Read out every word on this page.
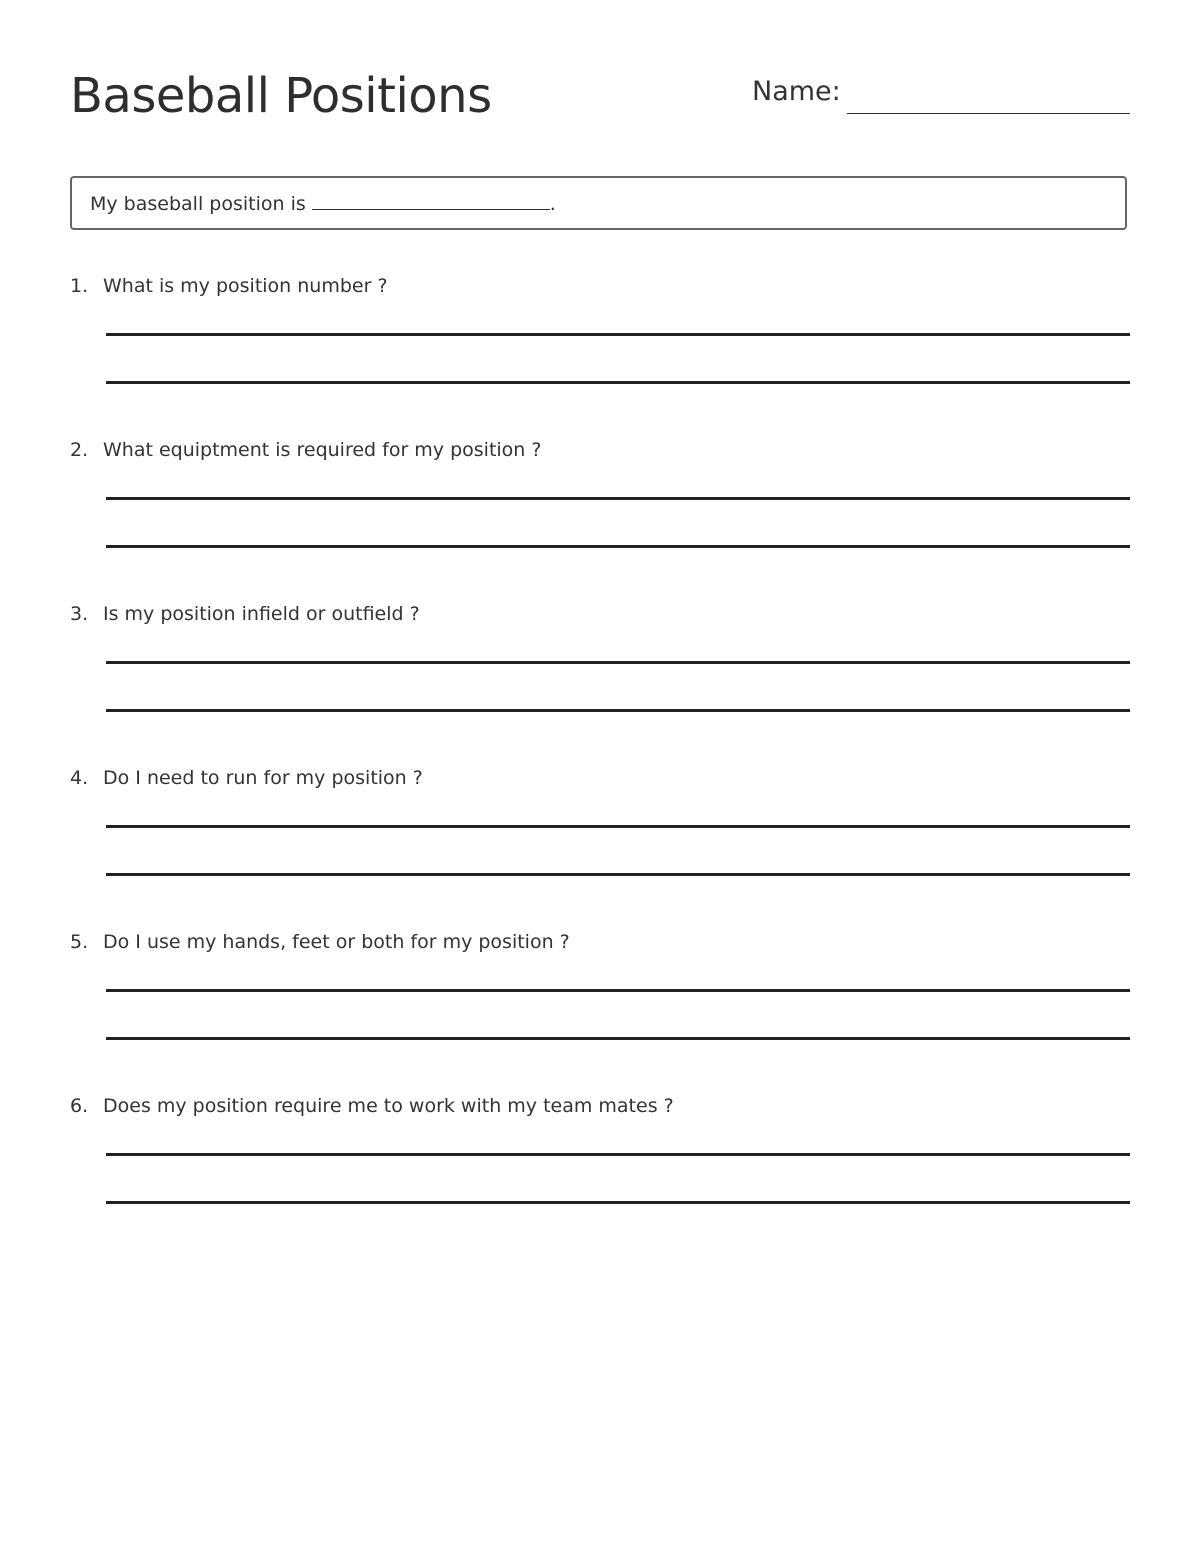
Baseball Positions	Name:
My baseball position is	.
1. What is my position number ?
2. What equiptment is required for my position ?
3. Is my position infield or outfield ?
4. Do I need to run for my position ?
5. Do I use my hands, feet or both for my position ?
6. Does my position require me to work with my team mates ?
